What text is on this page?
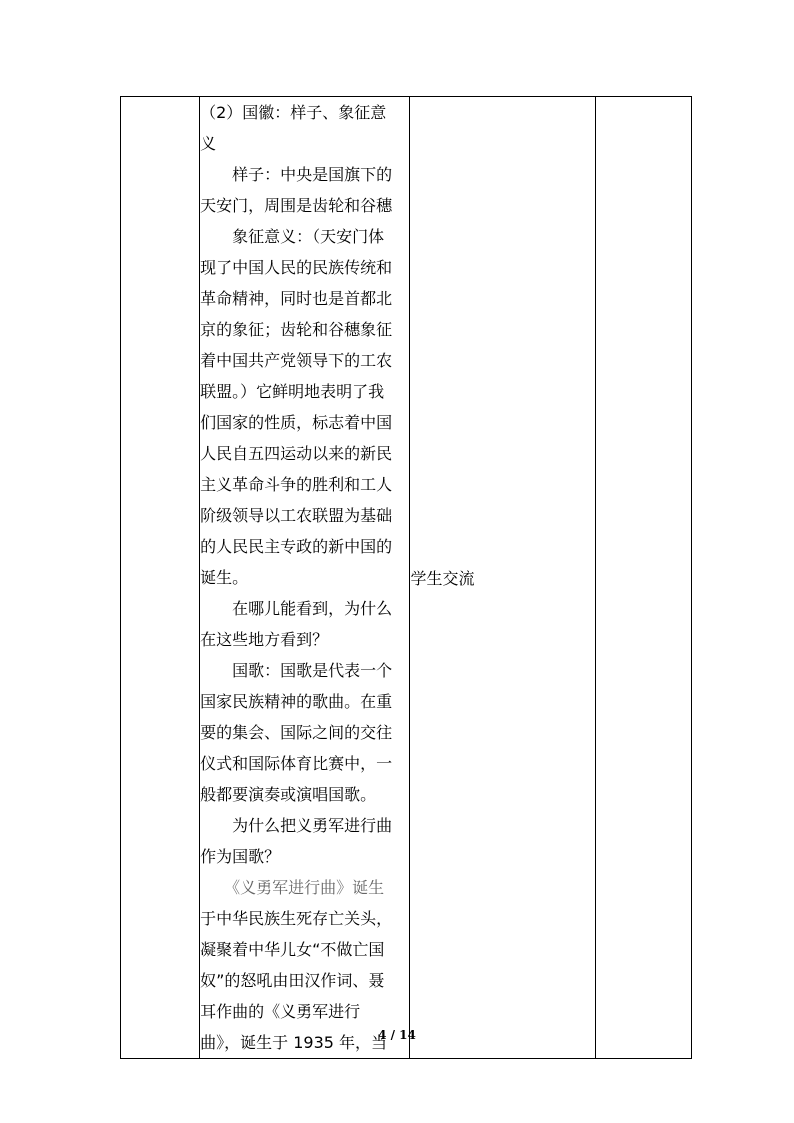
（2）国徽：样子、象征意
义
样子：中央是国旗下的
天安门，周围是齿轮和谷穗
象征意义：（天安门体
现了中国人民的民族传统和
革命精神，同时也是首都北
京的象征；齿轮和谷穗象征
着中国共产党领导下的工农
联盟。）它鲜明地表明了我
们国家的性质，标志着中国
人民自五四运动以来的新民
主义革命斗争的胜利和工人
阶级领导以工农联盟为基础
的人民民主专政的新中国的
诞生。
在哪儿能看到，为什么
在这些地方看到？
国歌：国歌是代表一个
国家民族精神的歌曲。在重
要的集会、国际之间的交往
仪式和国际体育比赛中，一
般都要演奏或演唱国歌。
为什么把义勇军进行曲
作为国歌？
《义勇军进行曲》诞生
于中华民族生死存亡关头，
凝聚着中华儿女“不做亡国
奴”的怒吼由田汉作词、聂
耳作曲的《义勇军进行
曲》，诞生于 1935 年，当
	学生交流	
4 / 14
